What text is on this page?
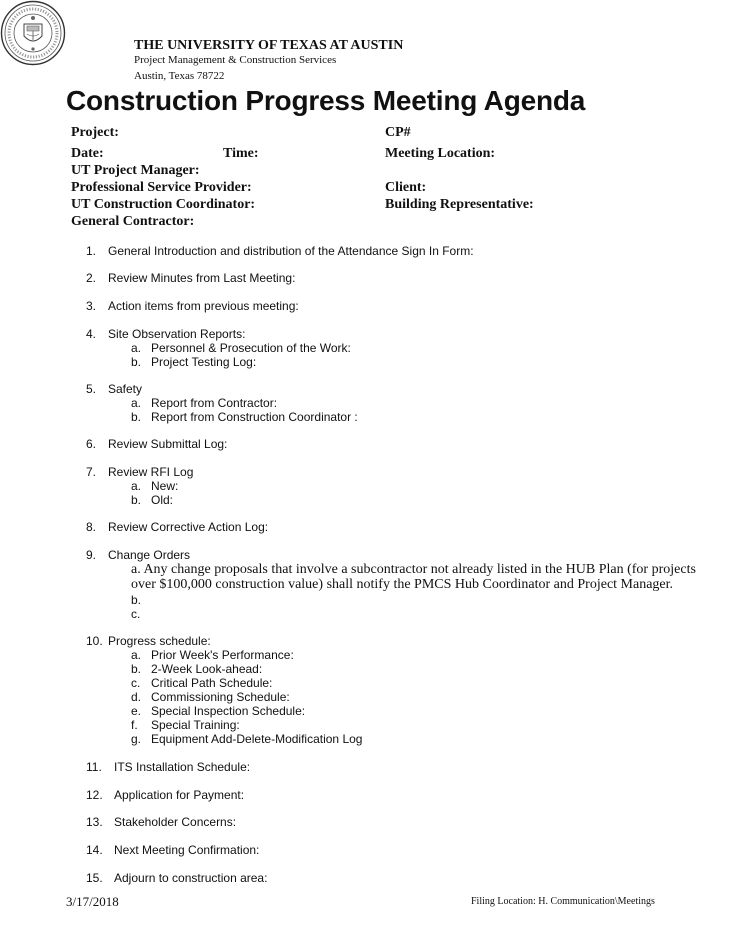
THE UNIVERSITY OF TEXAS AT AUSTIN
Project Management & Construction Services
Austin, Texas 78722
Construction Progress Meeting Agenda
Project:	CP#
Date:	Time:	Meeting Location:
UT Project Manager:
Professional Service Provider:	Client:
UT Construction Coordinator:	Building Representative:
General Contractor:
1. General Introduction and distribution of the Attendance Sign In Form:
2. Review Minutes from Last Meeting:
3. Action items from previous meeting:
4. Site Observation Reports:
a. Personnel & Prosecution of the Work:
b. Project Testing Log:
5. Safety
a. Report from Contractor:
b. Report from Construction Coordinator :
6. Review Submittal Log:
7. Review RFI Log
a. New:
b. Old:
8. Review Corrective Action Log:
9. Change Orders
a. Any change proposals that involve a subcontractor not already listed in the HUB Plan (for projects
over $100,000 construction value) shall notify the PMCS Hub Coordinator and Project Manager.
b.
c.
10. Progress schedule:
a. Prior Week's Performance:
b. 2-Week Look-ahead:
c. Critical Path Schedule:
d. Commissioning Schedule:
e. Special Inspection Schedule:
f. Special Training:
g. Equipment Add-Delete-Modification Log
11. ITS Installation Schedule:
12. Application for Payment:
13. Stakeholder Concerns:
14. Next Meeting Confirmation:
15. Adjourn to construction area:
3/17/2018	Filing Location: H. Communication\Meetings
